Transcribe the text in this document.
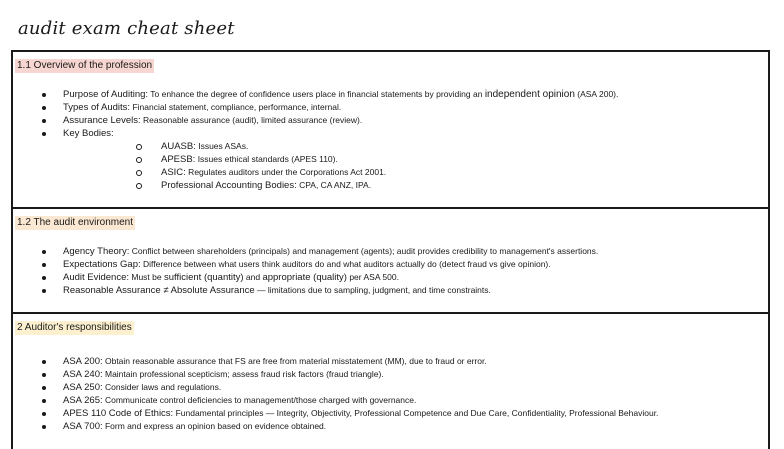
audit exam cheat sheet
1.1 Overview of the profession
Purpose of Auditing: To enhance the degree of confidence users place in financial statements by providing an independent opinion (ASA 200).
Types of Audits: Financial statement, compliance, performance, internal.
Assurance Levels: Reasonable assurance (audit), limited assurance (review).
Key Bodies:
AUASB: Issues ASAs.
APESB: Issues ethical standards (APES 110).
ASIC: Regulates auditors under the Corporations Act 2001.
Professional Accounting Bodies: CPA, CA ANZ, IPA.
1.2 The audit environment
Agency Theory: Conflict between shareholders (principals) and management (agents); audit provides credibility to management's assertions.
Expectations Gap: Difference between what users think auditors do and what auditors actually do (detect fraud vs give opinion).
Audit Evidence: Must be sufficient (quantity) and appropriate (quality) per ASA 500.
Reasonable Assurance ≠ Absolute Assurance — limitations due to sampling, judgment, and time constraints.
2 Auditor's responsibilities
ASA 200: Obtain reasonable assurance that FS are free from material misstatement (MM), due to fraud or error.
ASA 240: Maintain professional scepticism; assess fraud risk factors (fraud triangle).
ASA 250: Consider laws and regulations.
ASA 265: Communicate control deficiencies to management/those charged with governance.
APES 110 Code of Ethics: Fundamental principles — Integrity, Objectivity, Professional Competence and Due Care, Confidentiality, Professional Behaviour.
ASA 700: Form and express an opinion based on evidence obtained.
